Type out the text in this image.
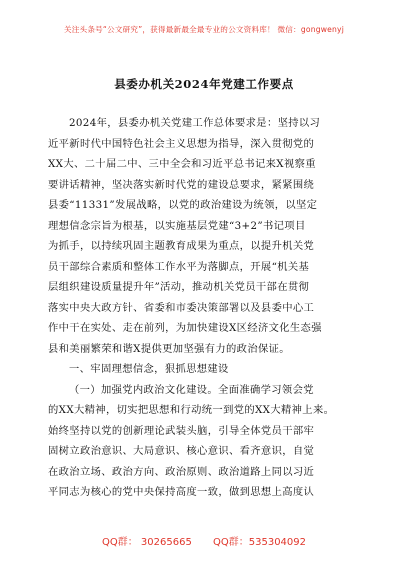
关注头条号“公文研究”，获得最新最全最专业的公文资料库！ 微信：gongwenyj
县委办机关2024年党建工作要点
2024年，县委办机关党建工作总体要求是：坚持以习
近平新时代中国特色社会主义思想为指导，深入贯彻党的
XX大、二十届二中、三中全会和习近平总书记来X视察重
要讲话精神，坚决落实新时代党的建设总要求，紧紧围绕
县委“11331”发展战略，以党的政治建设为统领，以坚定
理想信念宗旨为根基，以实施基层党建“3+2”书记项目
为抓手，以持续巩固主题教育成果为重点，以提升机关党
员干部综合素质和整体工作水平为落脚点，开展“机关基
层组织建设质量提升年”活动，推动机关党员干部在贯彻
落实中央大政方针、省委和市委决策部署以及县委中心工
作中干在实处、走在前列，为加快建设X区经济文化生态强
县和美丽繁荣和谐X提供更加坚强有力的政治保证。
一、牢固理想信念，狠抓思想建设
（一）加强党内政治文化建设。全面准确学习领会党
的XX大精神，切实把思想和行动统一到党的XX大精神上来。
始终坚持以党的创新理论武装头脑，引导全体党员干部牢
固树立政治意识、大局意识、核心意识、看齐意识，自觉
在政治立场、政治方向、政治原则、政治道路上同以习近
平同志为核心的党中央保持高度一致，做到思想上高度认
QQ群： 30265665 QQ群：535304092
